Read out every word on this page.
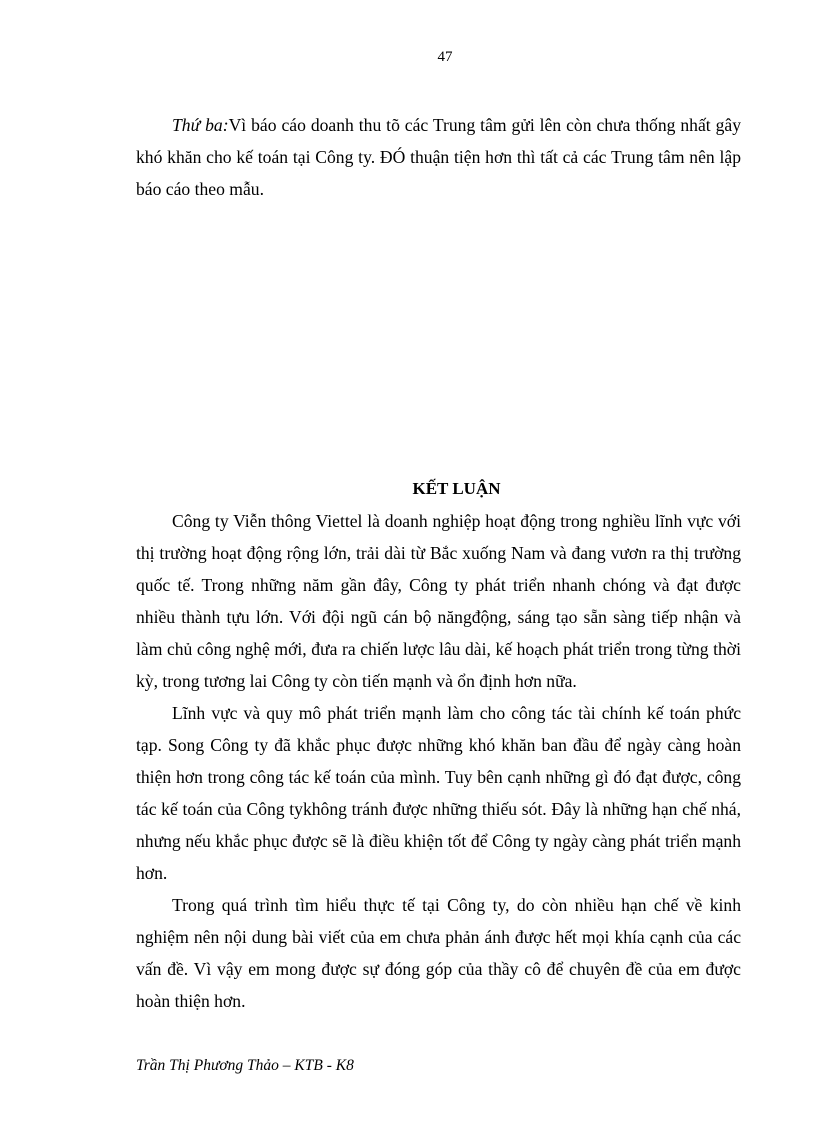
47

Thứ ba:Vì báo cáo doanh thu tõ các Trung tâm gửi lên còn chưa thống nhất gây khó khăn cho kế toán tại Công ty. ĐÓ thuận tiện hơn thì tất cả các Trung tâm nên lập báo cáo theo mẫu.

KẾT LUẬN

Công ty Viễn thông Viettel là doanh nghiệp hoạt động trong nghiều lĩnh vực với thị trường hoạt động rộng lớn, trải dài từ Bắc xuống Nam và đang vươn ra thị trường quốc tế. Trong những năm gần đây, Công ty phát triển nhanh chóng và đạt được nhiều thành tựu lớn. Với đội ngũ cán bộ năngđộng, sáng tạo sẵn sàng tiếp nhận và làm chủ công nghệ mới, đưa ra chiến lược lâu dài, kế hoạch phát triển trong từng thời kỳ, trong tương lai Công ty còn tiến mạnh và ổn định hơn nữa.

Lĩnh vực và quy mô phát triển mạnh làm cho công tác tài chính kế toán phức tạp. Song Công ty đã khắc phục được những khó khăn ban đầu để ngày càng hoàn thiện hơn trong công tác kế toán của mình. Tuy bên cạnh những gì đó đạt được, công tác kế toán của Công tykhông tránh được những thiếu sót. Đây là những hạn chế nhá, nhưng nếu khắc phục được sẽ là điều khiện tốt để Công ty ngày càng phát triển mạnh hơn.

Trong quá trình tìm hiểu thực tế tại Công ty, do còn nhiều hạn chế về kinh nghiệm nên nội dung bài viết của em chưa phản ánh được hết mọi khía cạnh của các vấn đề. Vì vậy em mong được sự đóng góp của thầy cô để chuyên đề của em được hoàn thiện hơn.

Trần Thị Phương Thảo – KTB - K8
